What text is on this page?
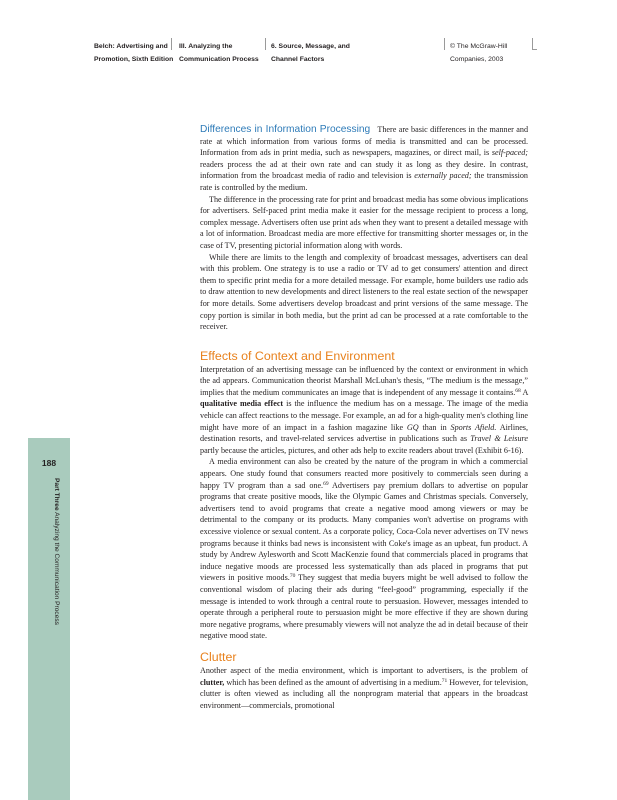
Belch: Advertising and
Promotion, Sixth Edition
III. Analyzing the
Communication Process
6. Source, Message, and
Channel Factors
© The McGraw-Hill
Companies, 2003
188
Part Three Analyzing the Communication Process

Differences in Information Processing There are basic differences in the manner and rate at which information from various forms of media is transmitted and can be processed. Information from ads in print media, such as newspapers, magazines, or direct mail, is self-paced; readers process the ad at their own rate and can study it as long as they desire. In contrast, information from the broadcast media of radio and television is externally paced; the transmission rate is controlled by the medium.

The difference in the processing rate for print and broadcast media has some obvious implications for advertisers. Self-paced print media make it easier for the message recipient to process a long, complex message. Advertisers often use print ads when they want to present a detailed message with a lot of information. Broadcast media are more effective for transmitting shorter messages or, in the case of TV, presenting pictorial information along with words.

While there are limits to the length and complexity of broadcast messages, advertisers can deal with this problem. One strategy is to use a radio or TV ad to get consumers' attention and direct them to specific print media for a more detailed message. For example, home builders use radio ads to draw attention to new developments and direct listeners to the real estate section of the newspaper for more details. Some advertisers develop broadcast and print versions of the same message. The copy portion is similar in both media, but the print ad can be processed at a rate comfortable to the receiver.

Effects of Context and Environment

Interpretation of an advertising message can be influenced by the context or environment in which the ad appears. Communication theorist Marshall McLuhan's thesis, “The medium is the message,” implies that the medium communicates an image that is independent of any message it contains.$^{68}$ A qualitative media effect is the influence the medium has on a message. The image of the media vehicle can affect reactions to the message. For example, an ad for a high-quality men's clothing line might have more of an impact in a fashion magazine like GQ than in Sports Afield. Airlines, destination resorts, and travel-related services advertise in publications such as Travel & Leisure partly because the articles, pictures, and other ads help to excite readers about travel (Exhibit 6-16).

A media environment can also be created by the nature of the program in which a commercial appears. One study found that consumers reacted more positively to commercials seen during a happy TV program than a sad one.$^{69}$ Advertisers pay premium dollars to advertise on popular programs that create positive moods, like the Olympic Games and Christmas specials. Conversely, advertisers tend to avoid programs that create a negative mood among viewers or may be detrimental to the company or its products. Many companies won't advertise on programs with excessive violence or sexual content. As a corporate policy, Coca-Cola never advertises on TV news programs because it thinks bad news is inconsistent with Coke's image as an upbeat, fun product. A study by Andrew Aylesworth and Scott MacKenzie found that commercials placed in programs that induce negative moods are processed less systematically than ads placed in programs that put viewers in positive moods.$^{70}$ They suggest that media buyers might be well advised to follow the conventional wisdom of placing their ads during “feel-good” programming, especially if the message is intended to work through a central route to persuasion. However, messages intended to operate through a peripheral route to persuasion might be more effective if they are shown during more negative programs, where presumably viewers will not analyze the ad in detail because of their negative mood state.

Clutter

Another aspect of the media environment, which is important to advertisers, is the problem of clutter, which has been defined as the amount of advertising in a medium.$^{71}$ However, for television, clutter is often viewed as including all the nonprogram material that appears in the broadcast environment—commercials, promotional
